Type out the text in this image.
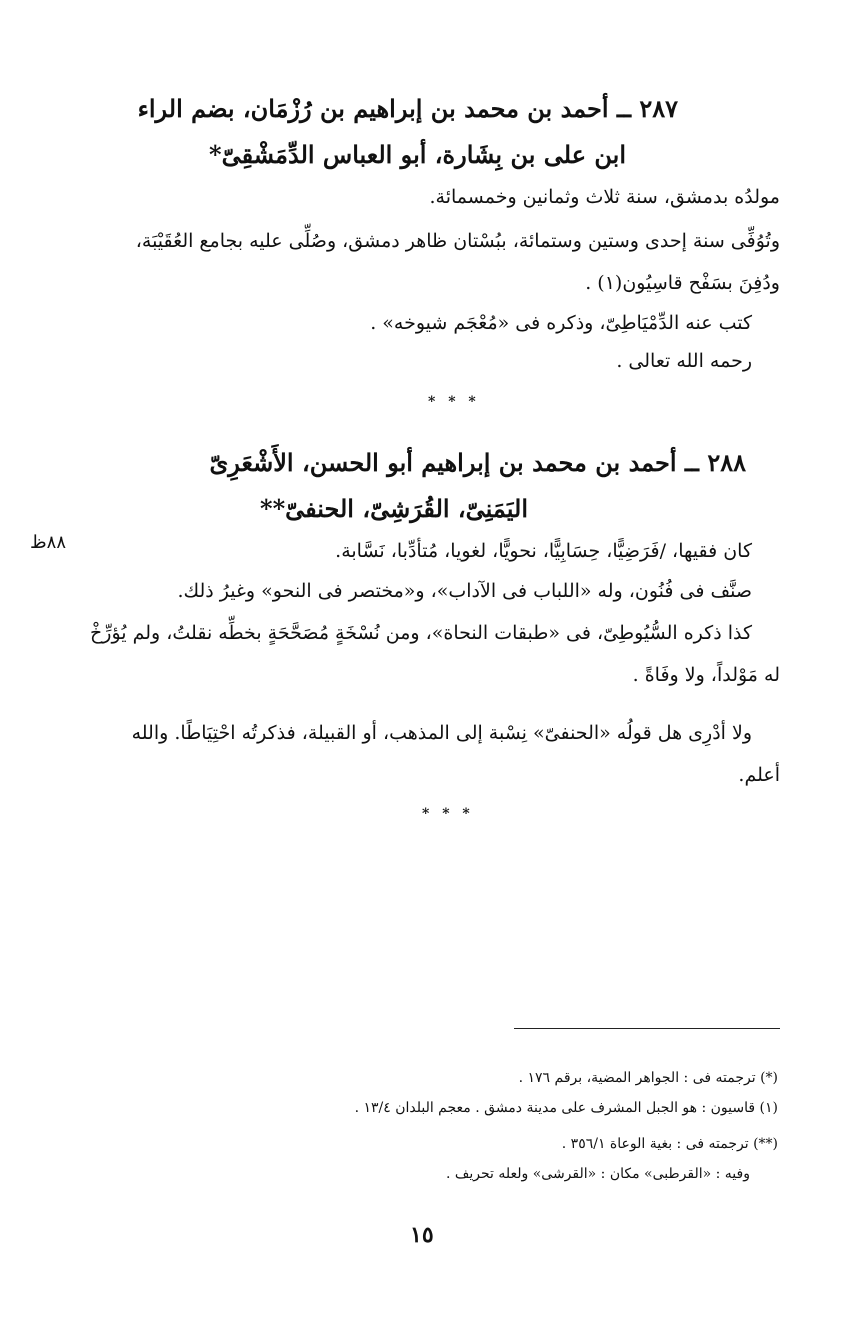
٢٨٧ ــ أحمد بن محمد بن إبراهيم بن رُزْمَان، بضم الراء
ابن على بن بِشَارة، أبو العباس الدِّمَشْقِىّ*
مولدُه بدمشق، سنة ثلاث وثمانين وخمسمائة.
وتُوُفِّى سنة إحدى وستين وستمائة، ببُسْتان ظاهر دمشق، وصُلِّى عليه بجامع العُقَيْبَة،
ودُفِنَ بسَفْح قاسِيُون(١) .
كتب عنه الدِّمْيَاطِىّ، وذكره فى «مُعْجَم شيوخه» .
رحمه الله تعالى .
* * *
٢٨٨ ــ أحمد بن محمد بن إبراهيم أبو الحسن، الأَشْعَرِىّ
اليَمَنِىّ، القُرَشِىّ، الحنفىّ**
٨٨ظ	كان فقيها، /فَرَضِيًّا، حِسَابِيًّا، نحويًّا، لغويا، مُتأدِّبا، نَسَّابة.
صنَّف فى فُنُون، وله «اللباب فى الآداب»، و«مختصر فى النحو» وغيرُ ذلك.
كذا ذكره السُّيُوطِىّ، فى «طبقات النحاة»، ومن نُسْخَةٍ مُصَحَّحَةٍ بخطِّه نقلتُ، ولم يُؤرِّخْ
له مَوْلداً، ولا وفَاةً .
ولا أدْرِى هل قولُه «الحنفىّ» نِسْبة إلى المذهب، أو القبيلة، فذكرتُه احْتِيَاطًا. والله
أعلم.
* * *
(*) ترجمته فى : الجواهر المضية، برقم ١٧٦ .
(١) قاسيون : هو الجبل المشرف على مدينة دمشق . معجم البلدان ١٣/٤ .
(**) ترجمته فى : بغية الوعاة ٣٥٦/١ .
وفيه : «القرطبى» مكان : «القرشى» ولعله تحريف .
١٥
